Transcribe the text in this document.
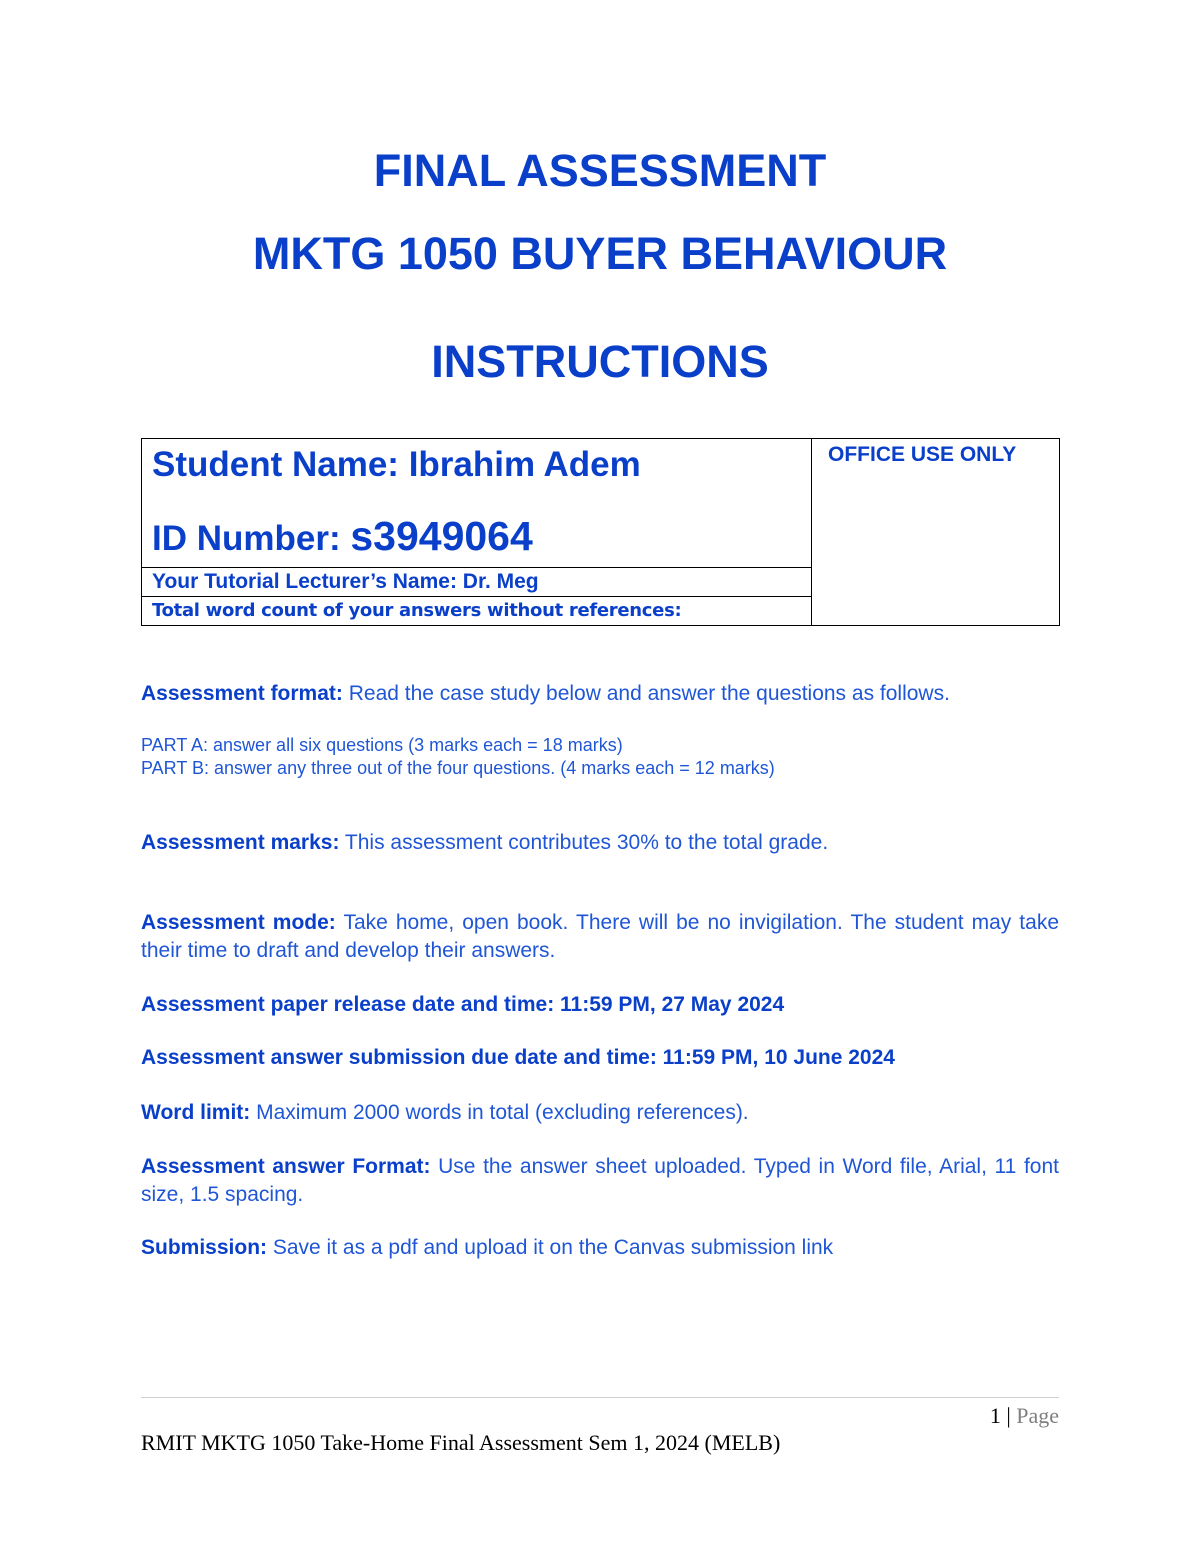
FINAL ASSESSMENT
MKTG 1050 BUYER BEHAVIOUR
INSTRUCTIONS
Student Name: Ibrahim Adem
ID Number: s3949064
	OFFICE USE ONLY
Your Tutorial Lecturer’s Name: Dr. Meg
Total word count of your answers without references:

Assessment format: Read the case study below and answer the questions as follows.

PART A: answer all six questions (3 marks each = 18 marks)

PART B: answer any three out of the four questions. (4 marks each = 12 marks)

Assessment marks: This assessment contributes 30% to the total grade.

Assessment mode: Take home, open book. There will be no invigilation. The student may take their time to draft and develop their answers.

Assessment paper release date and time: 11:59 PM, 27 May 2024

Assessment answer submission due date and time: 11:59 PM, 10 June 2024

Word limit: Maximum 2000 words in total (excluding references).

Assessment answer Format: Use the answer sheet uploaded. Typed in Word file, Arial, 11 font size, 1.5 spacing.

Submission: Save it as a pdf and upload it on the Canvas submission link

1 | Page
RMIT MKTG 1050 Take-Home Final Assessment Sem 1, 2024 (MELB)
